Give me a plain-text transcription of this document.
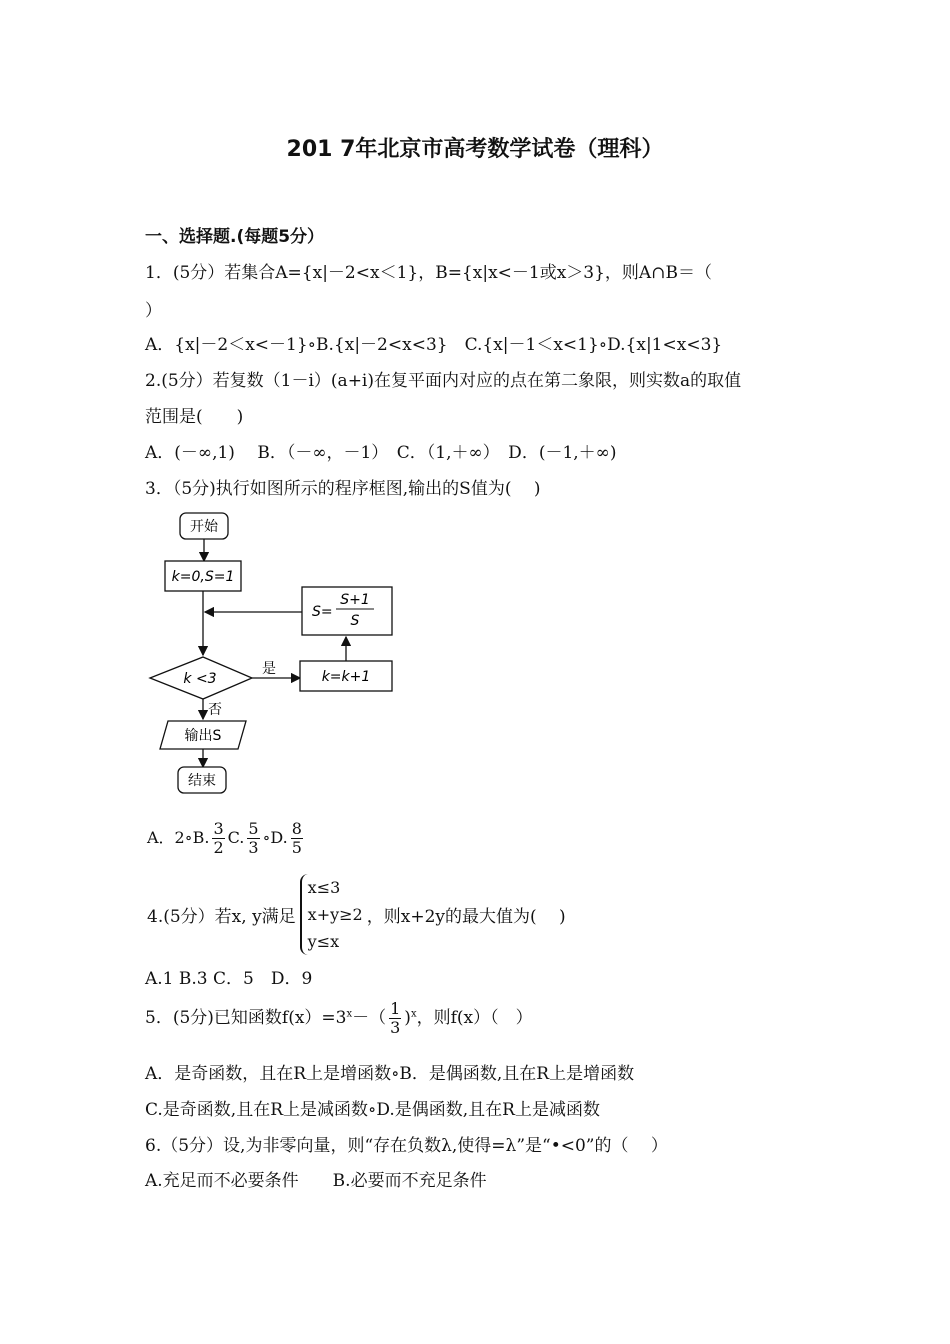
201 7年北京市高考数学试卷（理科）
一、选择题.(每题5分）
1．(5分）若集合A={x|－2<x＜1}，B={x|x<－1或x＞3}，则A∩B＝（
）
A．{x|－2＜x<－1}∘B.{x|－2<x<3}　C.{x|－1＜x<1}∘D.{x|1<x<3}
2.(5分）若复数（1－i）(a+i)在复平面内对应的点在第二象限，则实数a的取值
范围是(　　)
A．(－∞,1)　 B．（－∞，－1）　C．（1,＋∞）　D．(－1,＋∞)
3．（5分)执行如图所示的程序框图,输出的S值为(　 )
开始
k=0,S=1
S=
S+1
S
k <3
是	k=k+1
否
输出S
结束
A．2∘B. $\frac{3}{2} C$. $\frac{5}{3}$ ∘D. $\frac{8}{5}$
4.(5分）若x, y满足
x≤3
x+y≥2
y≤x
，则x+2y的最大值为(　 )
A.1 B.3 C．5　D．9
5．(5分)已知函数$f(x)=3^x-( \frac{1}{3} )^x$，则f(x）（　）
A．是奇函数，且在R上是增函数∘B．是偶函数,且在R上是增函数
C.是奇函数,且在R上是减函数∘D.是偶函数,且在R上是减函数
6.（5分）设,为非零向量，则“存在负数λ,使得=λ”是“•<0”的（　 ）
A.充足而不必要条件　　B.必要而不充足条件
